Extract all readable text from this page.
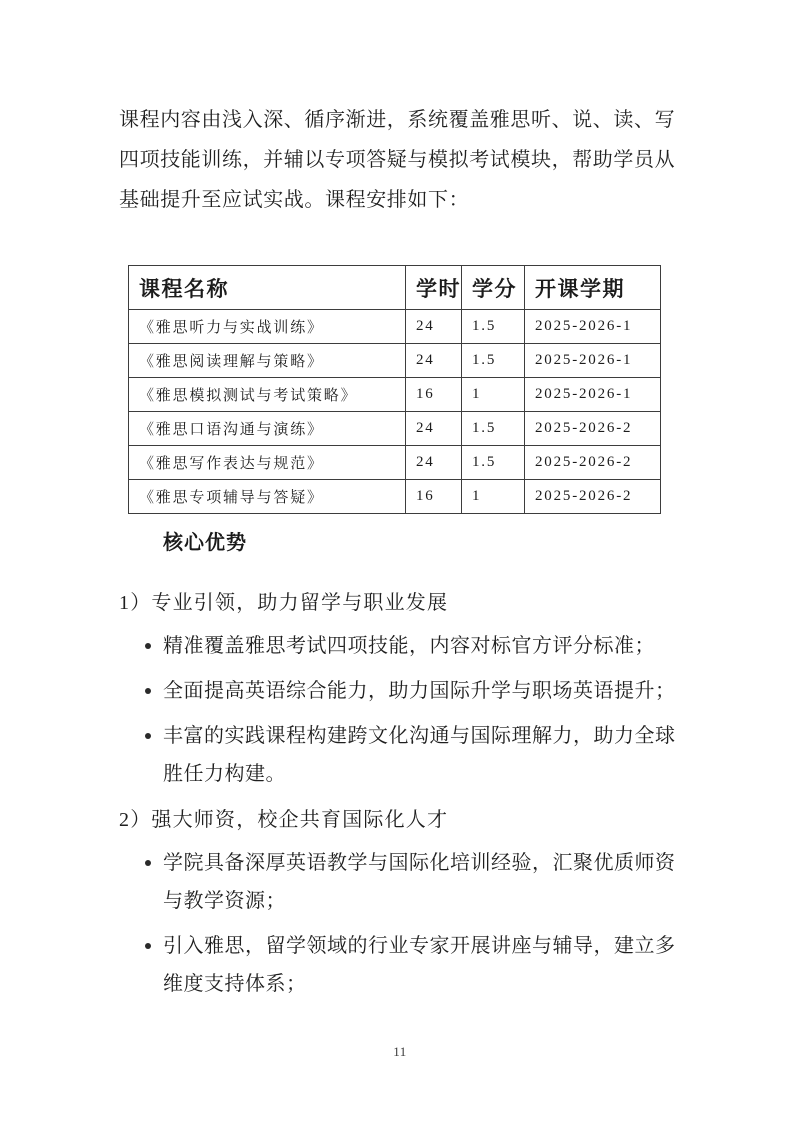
课程内容由浅入深、循序渐进，系统覆盖雅思听、说、读、写
四项技能训练，并辅以专项答疑与模拟考试模块，帮助学员从
基础提升至应试实战。课程安排如下：
课程名称	学时	学分	开课学期
《雅思听力与实战训练》	24	1.5	2025-2026-1
《雅思阅读理解与策略》	24	1.5	2025-2026-1
《雅思模拟测试与考试策略》	16	1	2025-2026-1
《雅思口语沟通与演练》	24	1.5	2025-2026-2
《雅思写作表达与规范》	24	1.5	2025-2026-2
《雅思专项辅导与答疑》	16	1	2025-2026-2
核心优势
1）专业引领，助力留学与职业发展
精准覆盖雅思考试四项技能，内容对标官方评分标准；
全面提高英语综合能力，助力国际升学与职场英语提升；
丰富的实践课程构建跨文化沟通与国际理解力，助力全球胜任力构建。
2）强大师资，校企共育国际化人才
学院具备深厚英语教学与国际化培训经验，汇聚优质师资与教学资源；
引入雅思，留学领域的行业专家开展讲座与辅导，建立多维度支持体系；
11
